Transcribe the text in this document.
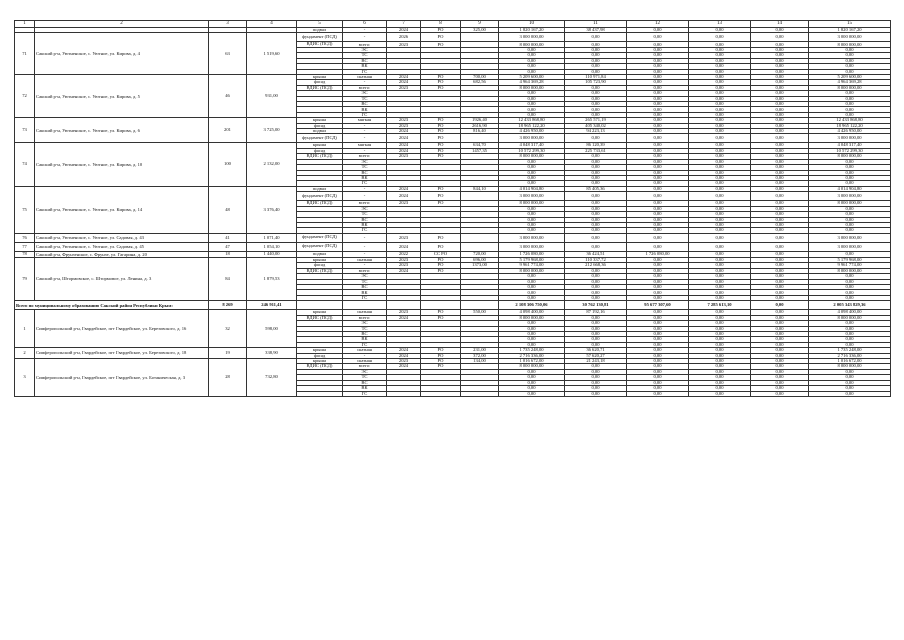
1	2	3	4	5	6	7	8	9	10	11	12	13	14	15
				подвал	-	2024	РО	325,00	1 820 167,20	38 437,98	0,00	0,00	0,00	1 820 167,20
71	Сакский р-н, Уютненское, с. Уютное, ул. Кирова, д. 4	63	1 519,60	фундамент (ПСД)	-	2026	РО		3 000 000,00	0,00	0,00	0,00	0,00	3 000 000,00
				ВДИС (ПСД)	всего:	2023	РО		8 000 000,00	0,00	0,00	0,00	0,00	8 000 000,00
					ЭС				0,00	0,00	0,00	0,00	0,00	0,00
					ТС				0,00	0,00	0,00	0,00	0,00	0,00
					ВС				0,00	0,00	0,00	0,00	0,00	0,00
					ВК				0,00	0,00	0,00	0,00	0,00	0,00
					ГС				0,00	0,00	0,00	0,00	0,00	0,00
72	Сакский р-н, Уютненское, с. Уютное, ул. Кирова, д. 5	46	931,00	крыша	скатная	2024	РО	700,00	5 209 600,00	110 971,84	0,00	0,00	0,00	5 209 600,00
				фасад	-	2024	РО	682,56	4 964 369,28	105 723,90	0,00	0,00	0,00	4 964 369,28
				ВДИС (ПСД)	всего:	2023	РО		8 000 000,00	0,00	0,00	0,00	0,00	8 000 000,00
					ЭС				0,00	0,00	0,00	0,00	0,00	0,00
					ТС				0,00	0,00	0,00	0,00	0,00	0,00
					ВС				0,00	0,00	0,00	0,00	0,00	0,00
					ВК				0,00	0,00	0,00	0,00	0,00	0,00
					ГС				0,00	0,00	0,00	0,00	0,00	0,00
73	Сакский р-н, Уютненское, с. Уютное, ул. Кирова, д. 6	201	3 725,00	крыша	мягкая	2023	РО	1926,40	12 433 868,80	265 571,19	0,00	0,00	0,00	12 433 868,80
				фасад	-	2023	РО	2616,90	18 965 122,20	405 340,02	0,00	0,00	0,00	18 965 122,20
				подвал	-	2024	РО	816,40	4 426 950,00	94 223,13	0,00	0,00	0,00	4 426 950,00
				фундамент (ПСД)	-	2024	РО		3 000 000,00	0,00	0,00	0,00	0,00	3 000 000,00
74	Сакский р-н, Уютненское, с. Уютное, ул. Кирова, д. 10	100	2 132,00	крыша	мягкая	2024	РО	634,70	4 048 317,40	86 120,39	0,00	0,00	0,00	4 048 317,40
				фасад	-	2024	РО	1457,35	10 572 299,30	225 733,61	0,00	0,00	0,00	10 572 299,30
				ВДИС (ПСД)	всего:	2023	РО		8 000 000,00	0,00	0,00	0,00	0,00	8 000 000,00
					ЭС				0,00	0,00	0,00	0,00	0,00	0,00
					ТС				0,00	0,00	0,00	0,00	0,00	0,00
					ВС				0,00	0,00	0,00	0,00	0,00	0,00
					ВК				0,00	0,00	0,00	0,00	0,00	0,00
					ГС				0,00	0,00	0,00	0,00	0,00	0,00
75	Сакский р-н, Уютненское, с. Уютное, ул. Кирова, д. 14	48	3 376,40	подвал	-	2024	РО	844,10	4 014 904,80	85 405,36	0,00	0,00	0,00	4 014 904,80
				фундамент (ПСД)	-	2024	РО		3 000 000,00	0,00	0,00	0,00	0,00	3 000 000,00
				ВДИС (ПСД)	всего:	2023	РО		8 000 000,00	0,00	0,00	0,00	0,00	8 000 000,00
					ЭС				0,00	0,00	0,00	0,00	0,00	0,00
					ТС				0,00	0,00	0,00	0,00	0,00	0,00
					ВС				0,00	0,00	0,00	0,00	0,00	0,00
					ВК				0,00	0,00	0,00	0,00	0,00	0,00
					ГС				0,00	0,00	0,00	0,00	0,00	0,00
76	Сакский р-н, Уютненское, с. Уютное, ул. Садовая, д. 43	41	1 071,40	фундамент (ПСД)	-	2023	РО		3 000 000,00	0,00	0,00	0,00	0,00	3 000 000,00
77	Сакский р-н, Уютненское, с. Уютное, ул. Садовая, д. 45	47	1 054,10	фундамент (ПСД)	-	2024	РО		3 000 000,00	0,00	0,00	0,00	0,00	3 000 000,00
78	Сакский р-н, Фрунзенское, с. Фрунзе, ул. Гагарина, д. 20	18	1 440,00	подвал	-	2022	СС РО	720,00	1 726 080,00	36 424,51	1 726 080,00	0,00	0,00	0,00
79	Сакский р-н, Штормовское, с. Штормовое, ул. Ленина, д. 3	84	1 879,53	крыша	скатная	2023	РО	696,00	5 179 968,00	110 337,72	0,00	0,00	0,00	5 179 968,00
				фасад	-	2023	РО	1373,00	9 961 774,00	212 668,36	0,00	0,00	0,00	9 961 774,00
				ВДИС (ПСД)	всего:	2024	РО		8 000 000,00	0,00	0,00	0,00	0,00	8 000 000,00
					ЭС				0,00	0,00	0,00	0,00	0,00	0,00
					ТС				0,00	0,00	0,00	0,00	0,00	0,00
					ВС				0,00	0,00	0,00	0,00	0,00	0,00
					ВК				0,00	0,00	0,00	0,00	0,00	0,00
					ГС				0,00	0,00	0,00	0,00	0,00	0,00
Всего по муниципальному образованию Сакский район Республики Крым:		8 269	246 911,41						2 108 306 750,06	30 762 130,81	95 677 307,60	7 285 613,10	0,00	2 005 343 829,36
1	Симферопольский р-н, Гвардейское, пгт Гвардейское, ул. Березовского, д. 16	32	598,00	крыша	скатная	2023	РО	550,00	4 098 400,00	87 192,16	0,00	0,00	0,00	4 098 400,00
				ВДИС (ПСД)	всего:	2024	РО		8 000 000,00	0,00	0,00	0,00	0,00	8 000 000,00
					ЭС				0,00	0,00	0,00	0,00	0,00	0,00
					ТС				0,00	0,00	0,00	0,00	0,00	0,00
					ВС				0,00	0,00	0,00	0,00	0,00	0,00
					ВК				0,00	0,00	0,00	0,00	0,00	0,00
					ГС				0,00	0,00	0,00	0,00	0,00	0,00
2	Симферопольский р-н, Гвардейское, пгт Гвардейское, ул. Березовского, д. 18	19	338,90	крыша	скатная	2024	РО	231,00	1 735 248,00	36 620,71	0,00	0,00	0,00	1 735 248,00
				фасад	-	2024	РО	372,00	2 716 336,00	57 620,27	0,00	0,00	0,00	2 716 336,00
3	Симферопольский р-н, Гвардейское, пгт Гвардейское, ул. Ботаническая, д. 3	28	732,80	крыша	скатная	2023	РО	134,00	1 016 672,00	21 243,18	0,00	0,00	0,00	1 016 672,00
				ВДИС (ПСД)	всего:	2024	РО		8 000 000,00	0,00	0,00	0,00	0,00	8 000 000,00
					ЭС				0,00	0,00	0,00	0,00	0,00	0,00
					ТС				0,00	0,00	0,00	0,00	0,00	0,00
					ВС				0,00	0,00	0,00	0,00	0,00	0,00
					ВК				0,00	0,00	0,00	0,00	0,00	0,00
					ГС				0,00	0,00	0,00	0,00	0,00	0,00
